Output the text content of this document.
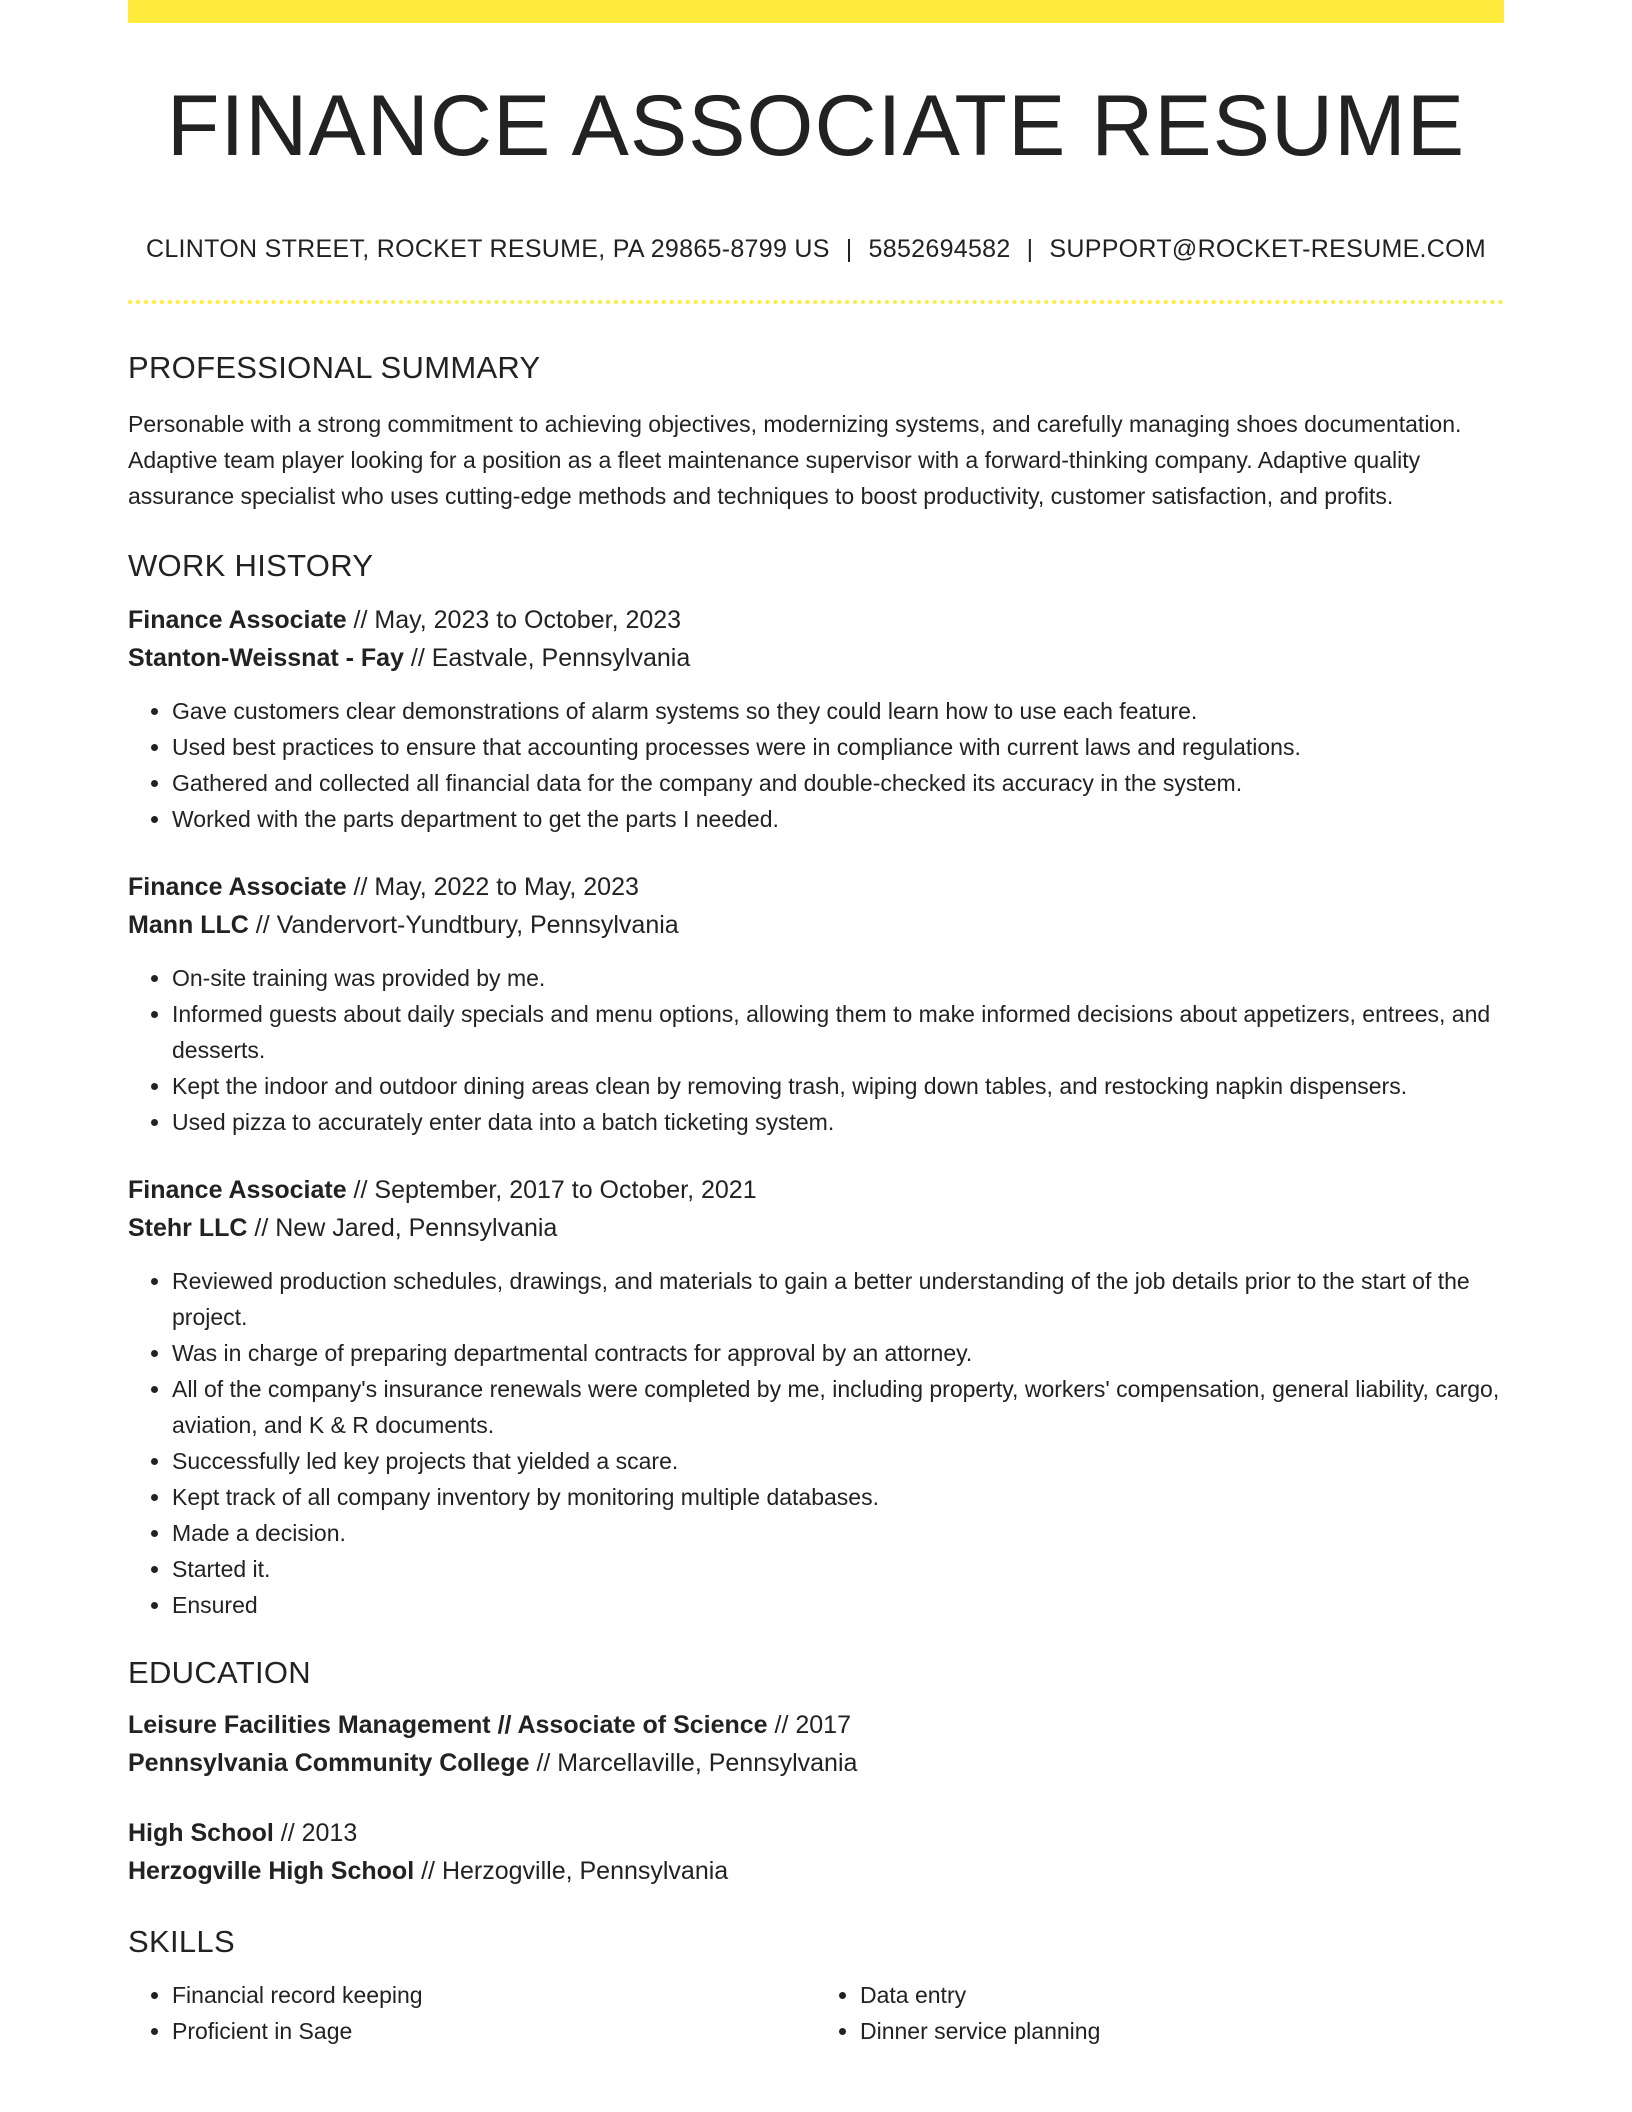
FINANCE ASSOCIATE RESUME
CLINTON STREET, ROCKET RESUME, PA 29865-8799 US | 5852694582 | SUPPORT@ROCKET-RESUME.COM
PROFESSIONAL SUMMARY

Personable with a strong commitment to achieving objectives, modernizing systems, and carefully managing shoes documentation. Adaptive team player looking for a position as a fleet maintenance supervisor with a forward-thinking company. Adaptive quality assurance specialist who uses cutting-edge methods and techniques to boost productivity, customer satisfaction, and profits.

WORK HISTORY

Finance Associate // May, 2023 to October, 2023

Stanton-Weissnat - Fay // Eastvale, Pennsylvania

• Gave customers clear demonstrations of alarm systems so they could learn how to use each feature.
• Used best practices to ensure that accounting processes were in compliance with current laws and regulations.
• Gathered and collected all financial data for the company and double-checked its accuracy in the system.
• Worked with the parts department to get the parts I needed.

Finance Associate // May, 2022 to May, 2023

Mann LLC // Vandervort-Yundtbury, Pennsylvania

• On-site training was provided by me.
• Informed guests about daily specials and menu options, allowing them to make informed decisions about appetizers, entrees, and desserts.
• Kept the indoor and outdoor dining areas clean by removing trash, wiping down tables, and restocking napkin dispensers.
• Used pizza to accurately enter data into a batch ticketing system.

Finance Associate // September, 2017 to October, 2021

Stehr LLC // New Jared, Pennsylvania

• Reviewed production schedules, drawings, and materials to gain a better understanding of the job details prior to the start of the project.
• Was in charge of preparing departmental contracts for approval by an attorney.
• All of the company's insurance renewals were completed by me, including property, workers' compensation, general liability, cargo, aviation, and K & R documents.
• Successfully led key projects that yielded a scare.
• Kept track of all company inventory by monitoring multiple databases.
• Made a decision.
• Started it.
• Ensured
EDUCATION

Leisure Facilities Management // Associate of Science // 2017

Pennsylvania Community College // Marcellaville, Pennsylvania

High School // 2013

Herzogville High School // Herzogville, Pennsylvania

SKILLS
• Financial record keeping
• Proficient in Sage
• Data entry
• Dinner service planning
